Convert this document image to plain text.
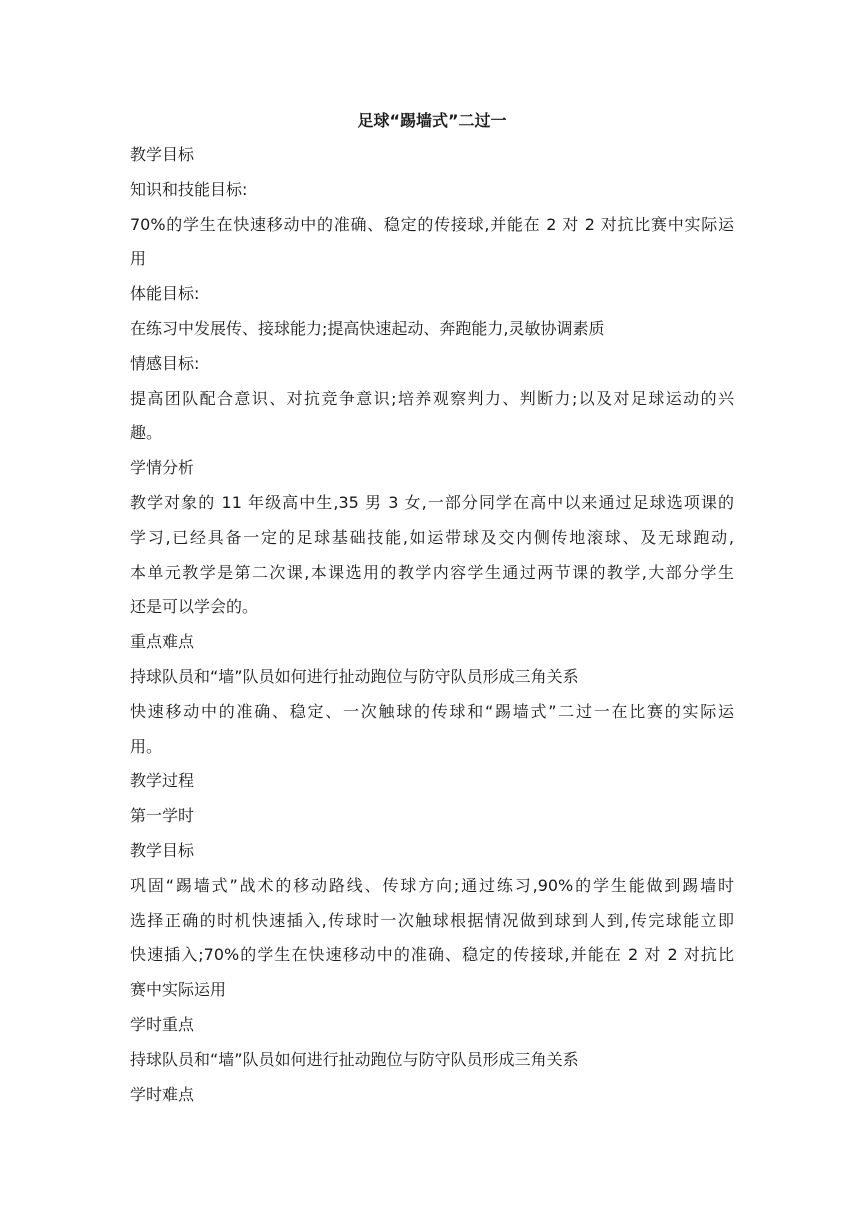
足球“踢墙式”二过一

教学目标

知识和技能目标:

70%的学生在快速移动中的准确、稳定的传接球,并能在 2 对 2 对抗比赛中实际运
用

体能目标:

在练习中发展传、接球能力;提高快速起动、奔跑能力,灵敏协调素质

情感目标:

提高团队配合意识、对抗竞争意识;培养观察判力、判断力;以及对足球运动的兴
趣。

学情分析

教学对象的 11 年级高中生,35 男 3 女,一部分同学在高中以来通过足球选项课的
学习,已经具备一定的足球基础技能,如运带球及交内侧传地滚球、及无球跑动,
本单元教学是第二次课,本课选用的教学内容学生通过两节课的教学,大部分学生
还是可以学会的。

重点难点

持球队员和“墙”队员如何进行扯动跑位与防守队员形成三角关系

快速移动中的准确、稳定、一次触球的传球和“踢墙式”二过一在比赛的实际运
用。

教学过程

第一学时

教学目标

巩固“踢墙式”战术的移动路线、传球方向;通过练习,90%的学生能做到踢墙时
选择正确的时机快速插入,传球时一次触球根据情况做到球到人到,传完球能立即
快速插入;70%的学生在快速移动中的准确、稳定的传接球,并能在 2 对 2 对抗比
赛中实际运用

学时重点

持球队员和“墙”队员如何进行扯动跑位与防守队员形成三角关系

学时难点
